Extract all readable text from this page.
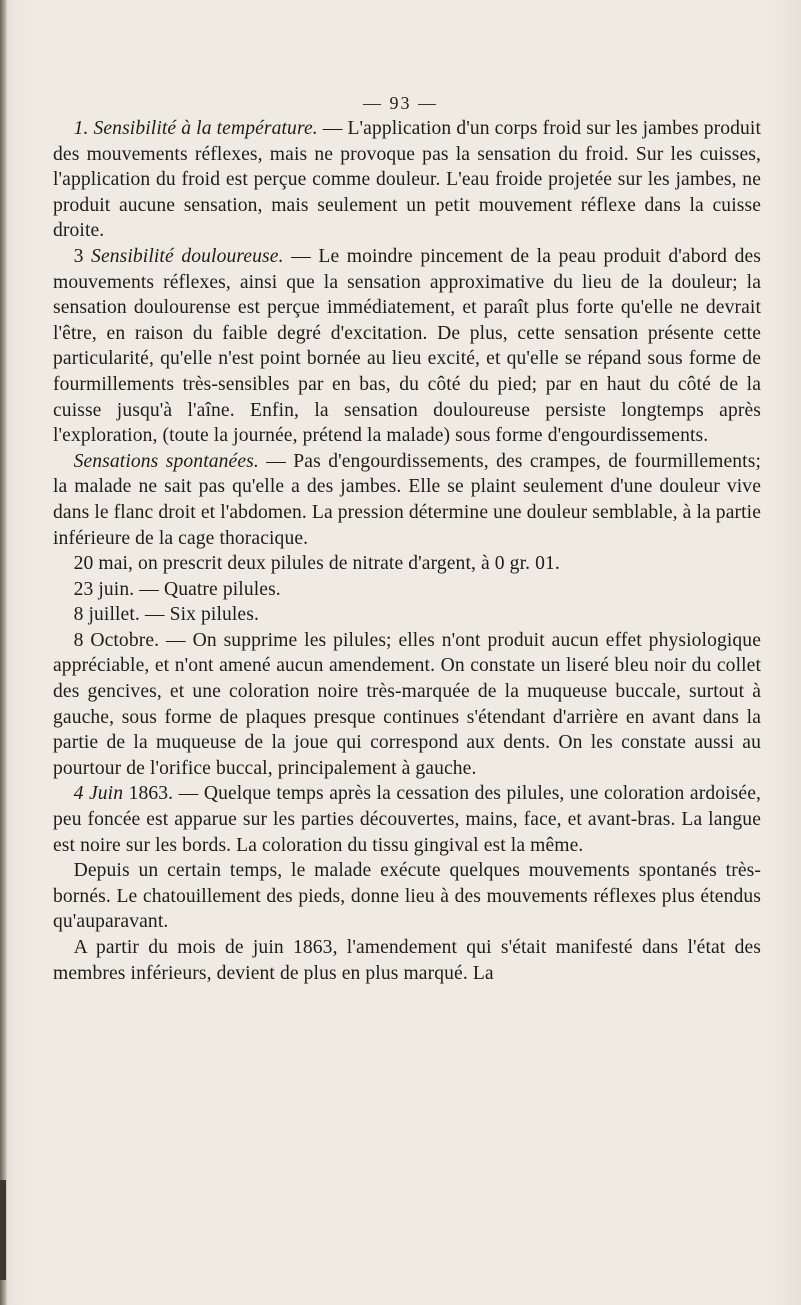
— 93 —

1. Sensibilité à la température. — L'application d'un corps froid sur les jambes produit des mouvements réflexes, mais ne provoque pas la sensation du froid. Sur les cuisses, l'application du froid est perçue comme douleur. L'eau froide projetée sur les jambes, ne produit aucune sensation, mais seulement un petit mouvement réflexe dans la cuisse droite.

3 Sensibilité douloureuse. — Le moindre pincement de la peau produit d'abord des mouvements réflexes, ainsi que la sensation approximative du lieu de la douleur; la sensation doulourense est perçue immédiatement, et paraît plus forte qu'elle ne devrait l'être, en raison du faible degré d'excitation. De plus, cette sensation présente cette particularité, qu'elle n'est point bornée au lieu excité, et qu'elle se répand sous forme de fourmillements très-sensibles par en bas, du côté du pied; par en haut du côté de la cuisse jusqu'à l'aîne. Enfin, la sensation douloureuse persiste longtemps après l'exploration, (toute la journée, prétend la malade) sous forme d'engourdissements.

Sensations spontanées. — Pas d'engourdissements, des crampes, de fourmillements; la malade ne sait pas qu'elle a des jambes. Elle se plaint seulement d'une douleur vive dans le flanc droit et l'abdomen. La pression détermine une douleur semblable, à la partie inférieure de la cage thoracique.

20 mai, on prescrit deux pilules de nitrate d'argent, à 0 gr. 01.

23 juin. — Quatre pilules.

8 juillet. — Six pilules.

8 Octobre. — On supprime les pilules; elles n'ont produit aucun effet physiologique appréciable, et n'ont amené aucun amendement. On constate un liseré bleu noir du collet des gencives, et une coloration noire très-marquée de la muqueuse buccale, surtout à gauche, sous forme de plaques presque continues s'étendant d'arrière en avant dans la partie de la muqueuse de la joue qui correspond aux dents. On les constate aussi au pourtour de l'orifice buccal, principalement à gauche.

4 Juin 1863. — Quelque temps après la cessation des pilules, une coloration ardoisée, peu foncée est apparue sur les parties découvertes, mains, face, et avant-bras. La langue est noire sur les bords. La coloration du tissu gingival est la même.

Depuis un certain temps, le malade exécute quelques mouvements spontanés très-bornés. Le chatouillement des pieds, donne lieu à des mouvements réflexes plus étendus qu'auparavant.

A partir du mois de juin 1863, l'amendement qui s'était manifesté dans l'état des membres inférieurs, devient de plus en plus marqué. La
